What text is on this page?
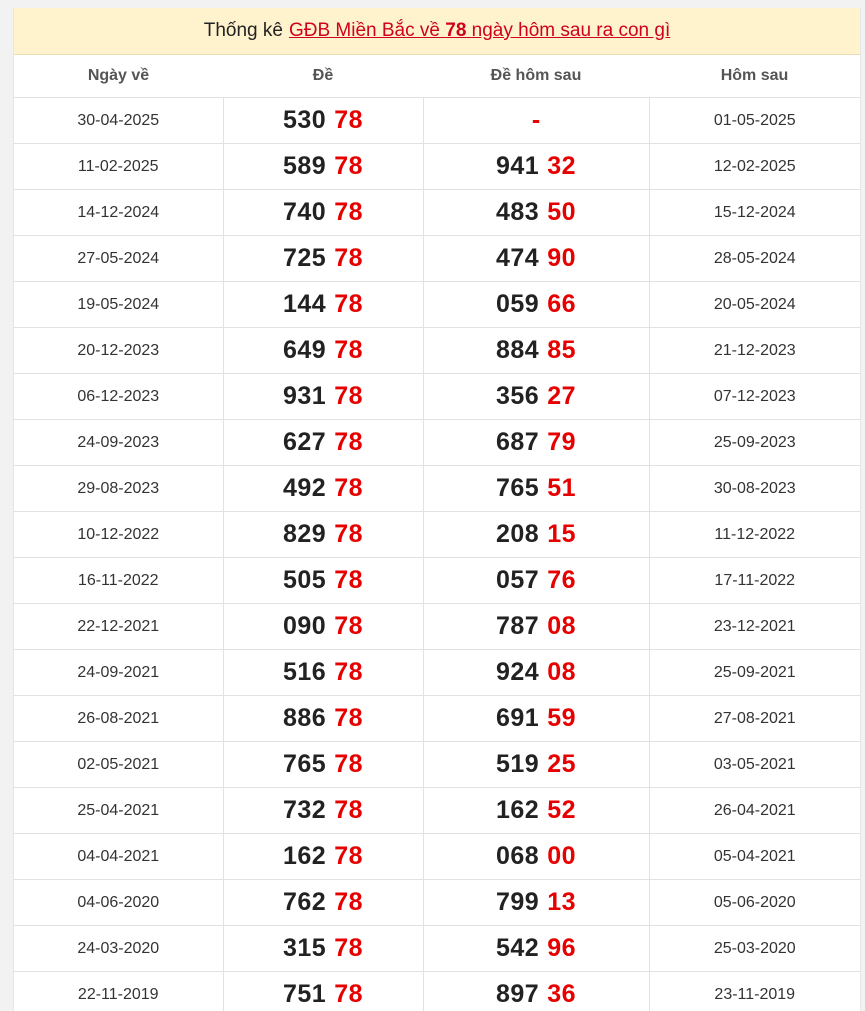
Thống kê GĐB Miền Bắc về 78 ngày hôm sau ra con gì
Ngày về	Đề	Đề hôm sau	Hôm sau
30-04-2025	530 78	-	01-05-2025
11-02-2025	589 78	941 32	12-02-2025
14-12-2024	740 78	483 50	15-12-2024
27-05-2024	725 78	474 90	28-05-2024
19-05-2024	144 78	059 66	20-05-2024
20-12-2023	649 78	884 85	21-12-2023
06-12-2023	931 78	356 27	07-12-2023
24-09-2023	627 78	687 79	25-09-2023
29-08-2023	492 78	765 51	30-08-2023
10-12-2022	829 78	208 15	11-12-2022
16-11-2022	505 78	057 76	17-11-2022
22-12-2021	090 78	787 08	23-12-2021
24-09-2021	516 78	924 08	25-09-2021
26-08-2021	886 78	691 59	27-08-2021
02-05-2021	765 78	519 25	03-05-2021
25-04-2021	732 78	162 52	26-04-2021
04-04-2021	162 78	068 00	05-04-2021
04-06-2020	762 78	799 13	05-06-2020
24-03-2020	315 78	542 96	25-03-2020
22-11-2019	751 78	897 36	23-11-2019
